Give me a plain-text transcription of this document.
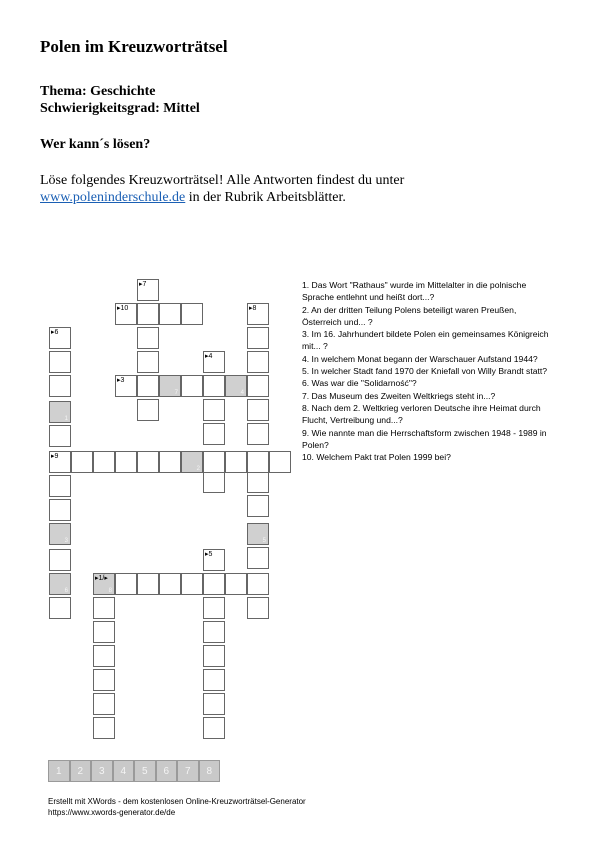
Polen im Kreuzworträtsel
Thema: Geschichte
Schwierigkeitsgrad: Mittel
Wer kann´s lösen?
Löse folgendes Kreuzworträtsel! Alle Antworten findest du unter
www.poleninderschule.de in der Rubrik Arbeitsblätter.
▸7
▸10
▸3
7	4
▸4
▸8
5
▸6
1
3
6
▸9
2
▸5
▸1/▸
8
1. Das Wort "Rathaus" wurde im Mittelalter in die polnische Sprache entlehnt und heißt dort...?
2. An der dritten Teilung Polens beteiligt waren Preußen, Österreich und... ?
3. Im 16. Jahrhundert bildete Polen ein gemeinsames Königreich mit... ?
4. In welchem Monat begann der Warschauer Aufstand 1944?
5. In welcher Stadt fand 1970 der Kniefall von Willy Brandt statt?
6. Was war die "Solidarność"?
7. Das Museum des Zweiten Weltkriegs steht in...?
8. Nach dem 2. Weltkrieg verloren Deutsche ihre Heimat durch Flucht, Vertreibung und...?
9. Wie nannte man die Herrschaftsform zwischen 1948 - 1989 in Polen?
10. Welchem Pakt trat Polen 1999 bei?
1	2	3	4	5	6	7	8
Erstellt mit XWords - dem kostenlosen Online-Kreuzworträtsel-Generator
https://www.xwords-generator.de/de
